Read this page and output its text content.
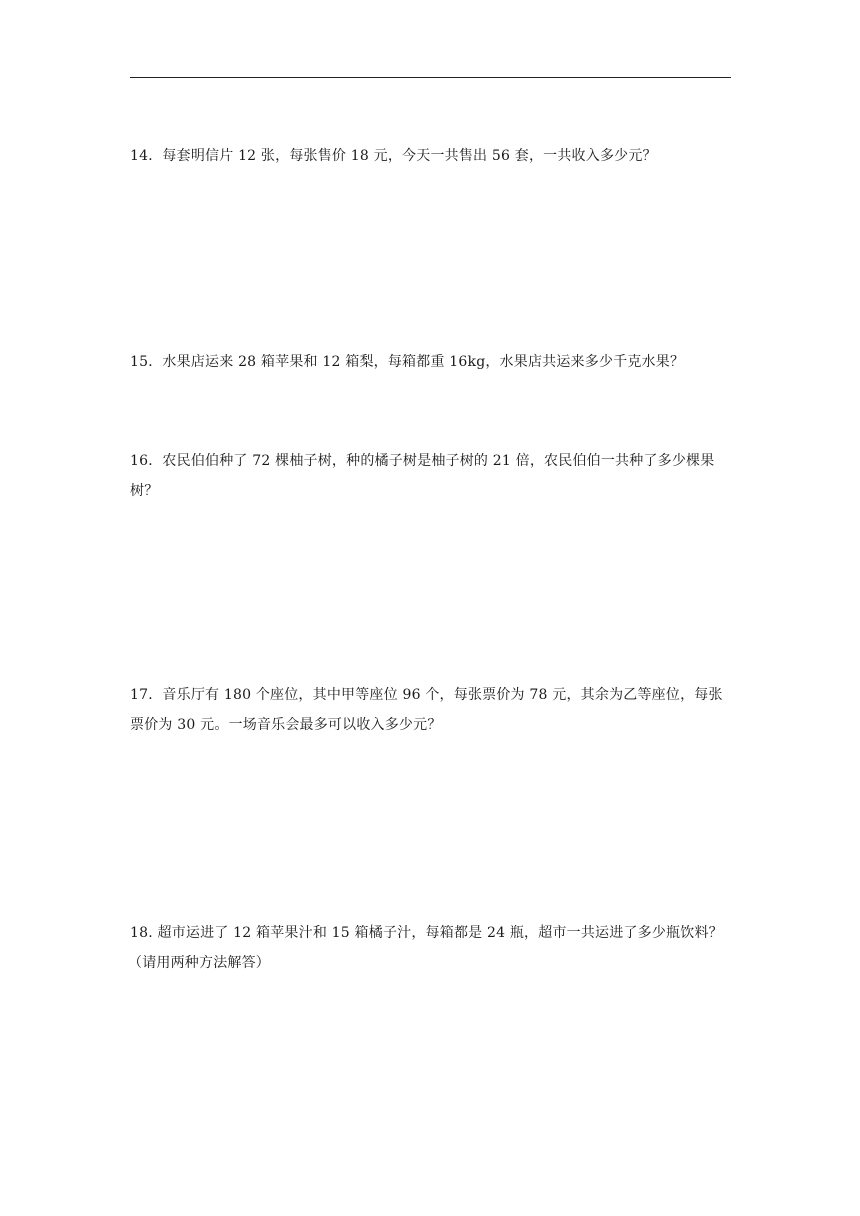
14．每套明信片 12 张，每张售价 18 元，今天一共售出 56 套，一共收入多少元？
15．水果店运来 28 箱苹果和 12 箱梨，每箱都重 16kg，水果店共运来多少千克水果？
16．农民伯伯种了 72 棵柚子树，种的橘子树是柚子树的 21 倍，农民伯伯一共种了多少棵果
树？
17．音乐厅有 180 个座位，其中甲等座位 96 个，每张票价为 78 元，其余为乙等座位，每张
票价为 30 元。一场音乐会最多可以收入多少元？
18. 超市运进了 12 箱苹果汁和 15 箱橘子汁，每箱都是 24 瓶，超市一共运进了多少瓶饮料？
（请用两种方法解答）
